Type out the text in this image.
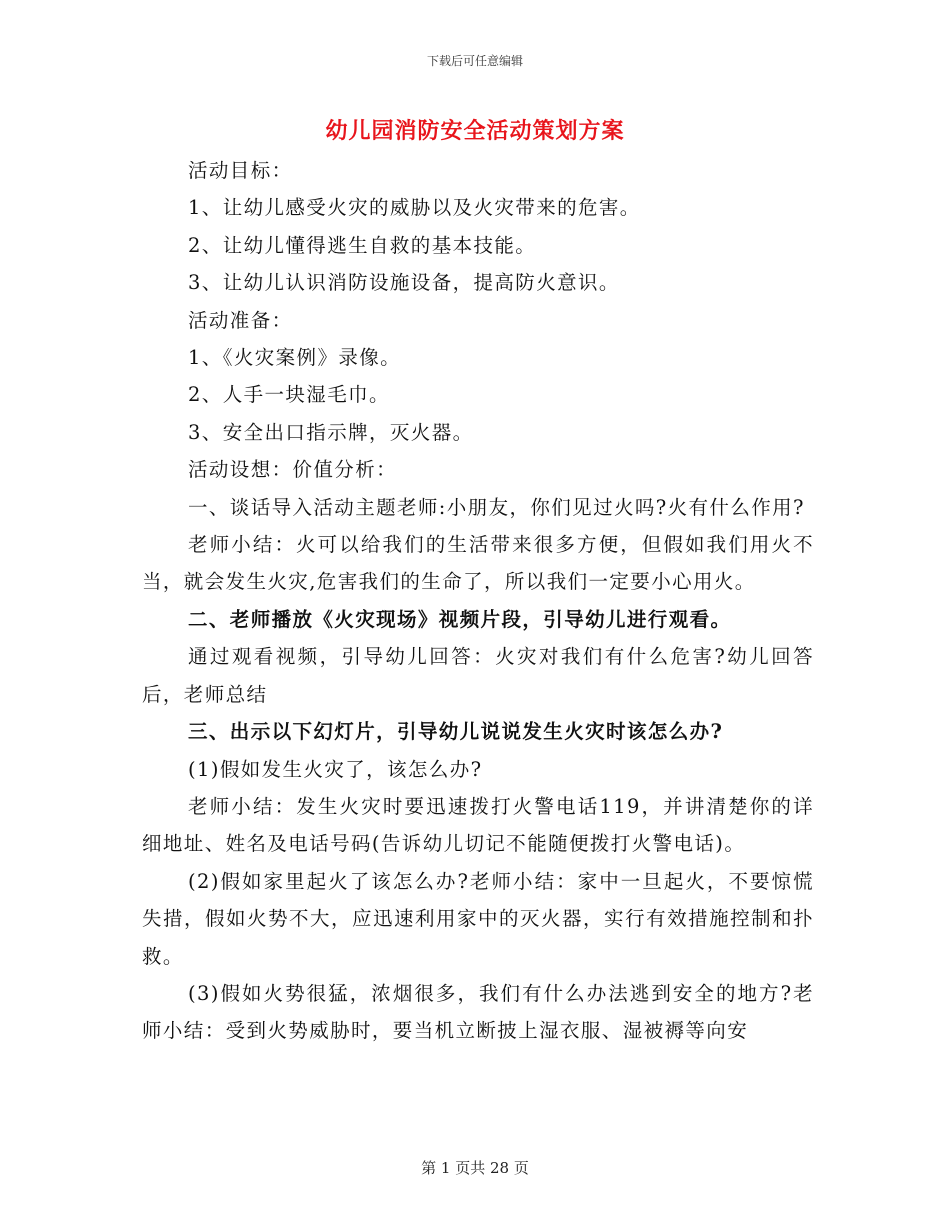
下载后可任意编辑
幼儿园消防安全活动策划方案

活动目标：

1、让幼儿感受火灾的威胁以及火灾带来的危害。

2、让幼儿懂得逃生自救的基本技能。

3、让幼儿认识消防设施设备，提高防火意识。

活动准备：

1、《火灾案例》录像。

2、人手一块湿毛巾。

3、安全出口指示牌，灭火器。

活动设想：价值分析：

一、谈话导入活动主题老师:小朋友，你们见过火吗?火有什么作用?

老师小结：火可以给我们的生活带来很多方便，但假如我们用火不当，就会发生火灾,危害我们的生命了，所以我们一定要小心用火。

二、老师播放《火灾现场》视频片段，引导幼儿进行观看。

通过观看视频，引导幼儿回答：火灾对我们有什么危害?幼儿回答后，老师总结

三、出示以下幻灯片，引导幼儿说说发生火灾时该怎么办?

(1)假如发生火灾了，该怎么办?

老师小结：发生火灾时要迅速拨打火警电话119，并讲清楚你的详细地址、姓名及电话号码(告诉幼儿切记不能随便拨打火警电话)。

(2)假如家里起火了该怎么办?老师小结：家中一旦起火，不要惊慌失措，假如火势不大，应迅速利用家中的灭火器，实行有效措施控制和扑救。

(3)假如火势很猛，浓烟很多，我们有什么办法逃到安全的地方?老师小结：受到火势威胁时，要当机立断披上湿衣服、湿被褥等向安

第 1 页共 28 页
